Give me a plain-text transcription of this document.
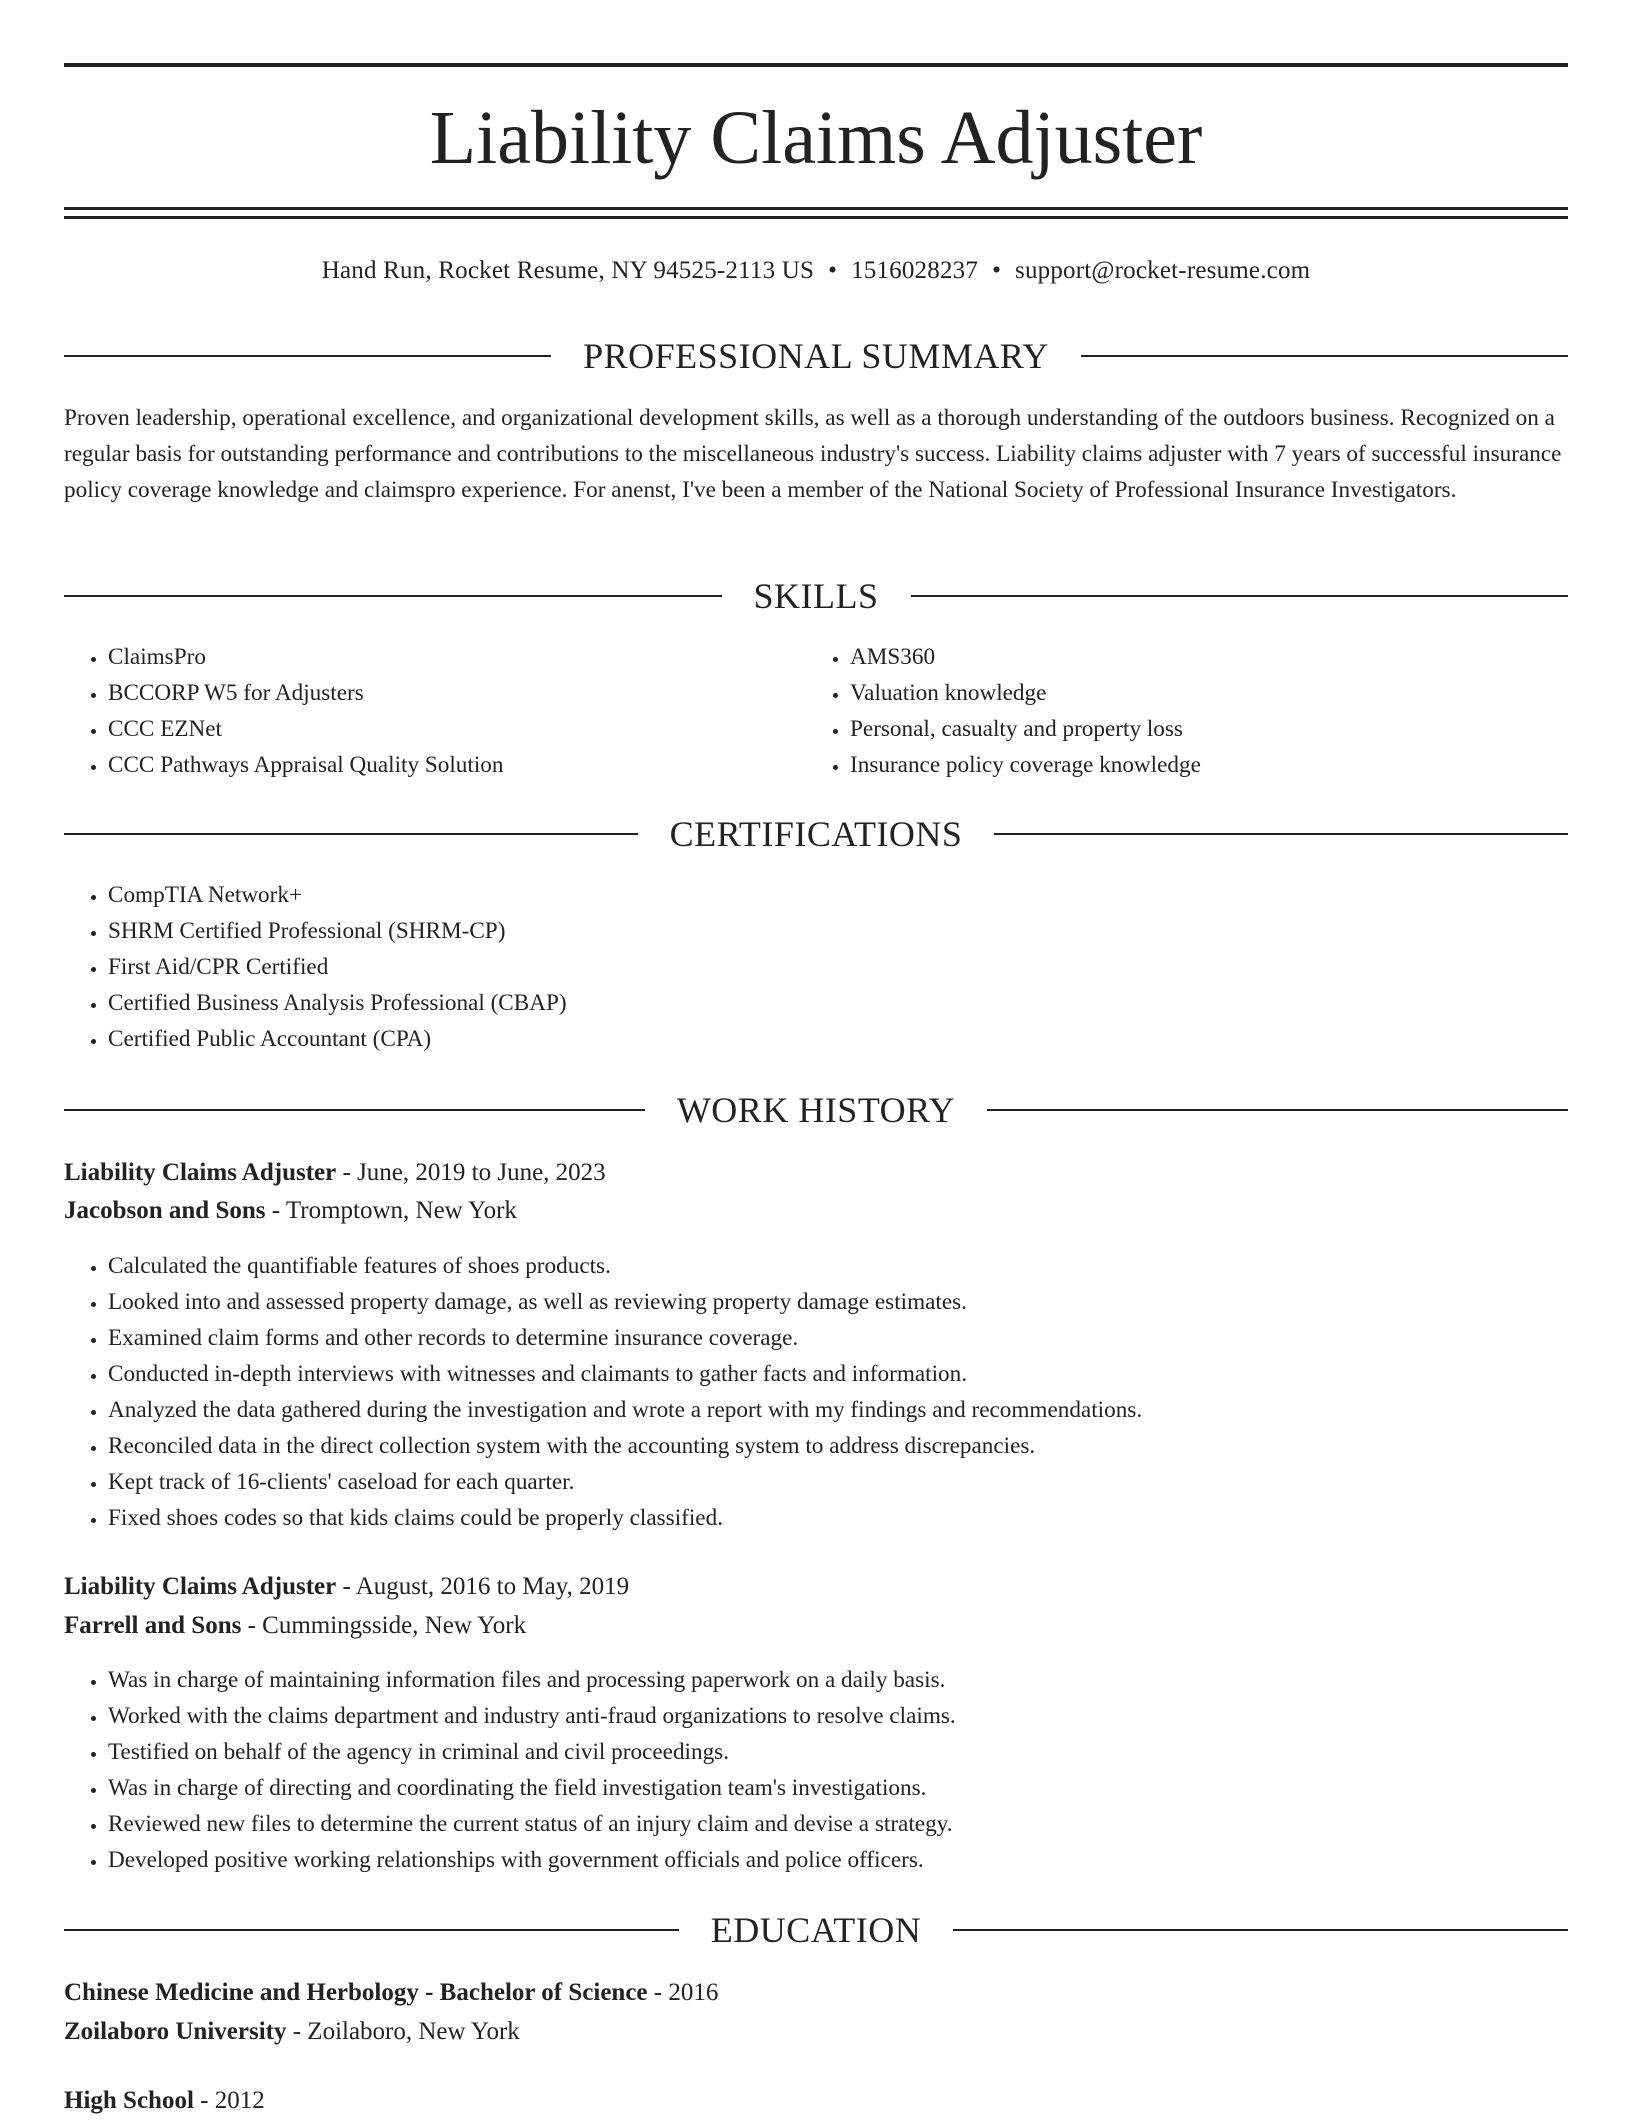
Liability Claims Adjuster
Hand Run, Rocket Resume, NY 94525-2113 US • 1516028237 • support@rocket-resume.com
PROFESSIONAL SUMMARY

Proven leadership, operational excellence, and organizational development skills, as well as a thorough understanding of the outdoors business. Recognized on a regular basis for outstanding performance and contributions to the miscellaneous industry's success. Liability claims adjuster with 7 years of successful insurance policy coverage knowledge and claimspro experience. For anenst, I've been a member of the National Society of Professional Insurance Investigators.

SKILLS
• ClaimsPro
• BCCORP W5 for Adjusters
• CCC EZNet
• CCC Pathways Appraisal Quality Solution
• AMS360
• Valuation knowledge
• Personal, casualty and property loss
• Insurance policy coverage knowledge
CERTIFICATIONS
• CompTIA Network+
• SHRM Certified Professional (SHRM-CP)
• First Aid/CPR Certified
• Certified Business Analysis Professional (CBAP)
• Certified Public Accountant (CPA)
WORK HISTORY
Liability Claims Adjuster - June, 2019 to June, 2023
Jacobson and Sons - Tromptown, New York
• Calculated the quantifiable features of shoes products.
• Looked into and assessed property damage, as well as reviewing property damage estimates.
• Examined claim forms and other records to determine insurance coverage.
• Conducted in-depth interviews with witnesses and claimants to gather facts and information.
• Analyzed the data gathered during the investigation and wrote a report with my findings and recommendations.
• Reconciled data in the direct collection system with the accounting system to address discrepancies.
• Kept track of 16-clients' caseload for each quarter.
• Fixed shoes codes so that kids claims could be properly classified.
Liability Claims Adjuster - August, 2016 to May, 2019
Farrell and Sons - Cummingsside, New York
• Was in charge of maintaining information files and processing paperwork on a daily basis.
• Worked with the claims department and industry anti-fraud organizations to resolve claims.
• Testified on behalf of the agency in criminal and civil proceedings.
• Was in charge of directing and coordinating the field investigation team's investigations.
• Reviewed new files to determine the current status of an injury claim and devise a strategy.
• Developed positive working relationships with government officials and police officers.
EDUCATION
Chinese Medicine and Herbology - Bachelor of Science - 2016
Zoilaboro University - Zoilaboro, New York
High School - 2012
